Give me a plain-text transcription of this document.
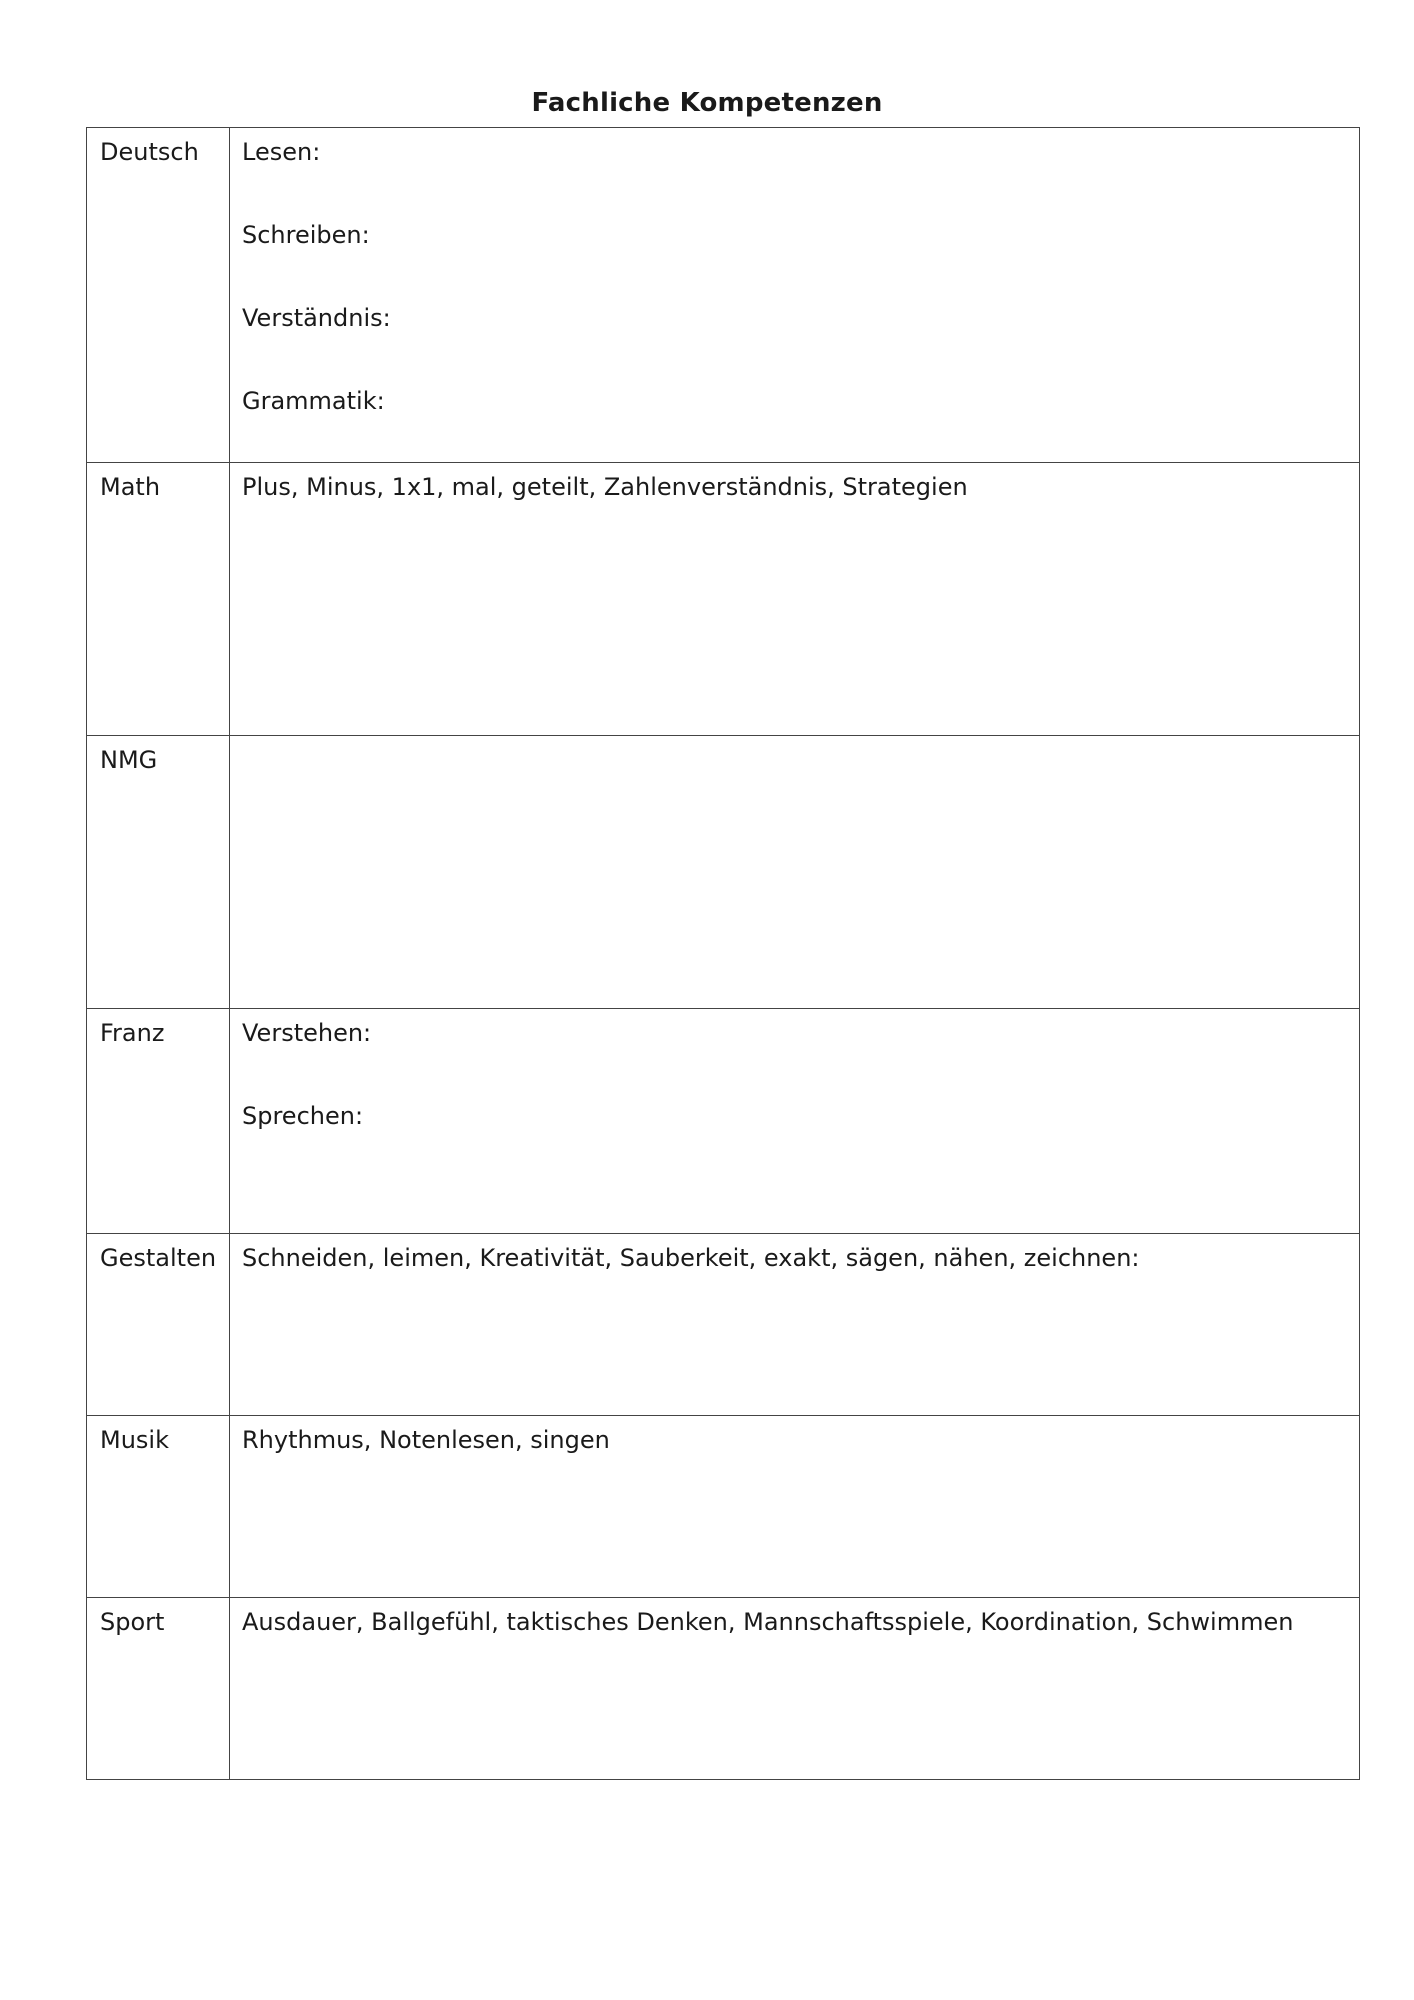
Fachliche Kompetenzen
Deutsch	Lesen:
Schreiben:
Verständnis:
Grammatik:

Math	Plus, Minus, 1x1, mal, geteilt, Zahlenverständnis, Strategien

NMG	

Franz	Verstehen:
Sprechen:

Gestalten	Schneiden, leimen, Kreativität, Sauberkeit, exakt, sägen, nähen, zeichnen:

Musik	Rhythmus, Notenlesen, singen

Sport	Ausdauer, Ballgefühl, taktisches Denken, Mannschaftsspiele, Koordination, Schwimmen
